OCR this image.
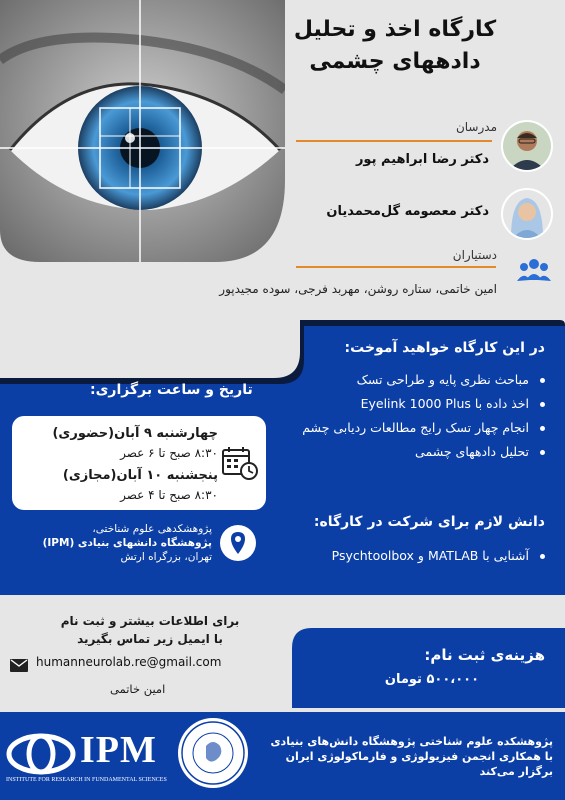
کارگاه اخذ و تحلیل
دادههای چشمی
مدرسان
دکتر رضا ابراهیم پور
دکتر معصومه گل‌محمدیان
دستیاران
امین خاتمی، ستاره روشن، مهربد فرجی، سوده مجیدپور
در این کارگاه خواهید آموخت:
مباحث نظری پایه و طراحی تسک
اخذ داده با Eyelink 1000 Plus
انجام چهار تسک رایج مطالعات ردیابی چشم
تحلیل دادههای چشمی
دانش لازم برای شرکت در کارگاه:
آشنایی با MATLAB و Psychtoolbox
تاریخ و ساعت برگزاری:
چهارشنبه ۹ آبان(حضوری)
۸:۳۰ صبح تا ۶ عصر
پنجشنبه ۱۰ آبان(مجازی)
۸:۳۰ صبح تا ۴ عصر
پژوهشکدهی علوم شناختی،
پژوهشگاه دانشهای بنیادی (IPM)
تهران، بزرگراه ارتش
برای اطلاعات بیشتر و ثبت نام
با ایمیل زیر تماس بگیرید
humanneurolab.re@gmail.com
امین خاتمی
هزینه‌ی ثبت نام:
۵۰۰،۰۰۰ تومان
پژوهشکده علوم شناختی پژوهشگاه دانش‌های بنیادی
با همکاری انجمن فیزیولوژی و فارماکولوژی ایران
برگزار می‌کند
IPM
INSTITUTE FOR RESEARCH IN FUNDAMENTAL SCIENCES
